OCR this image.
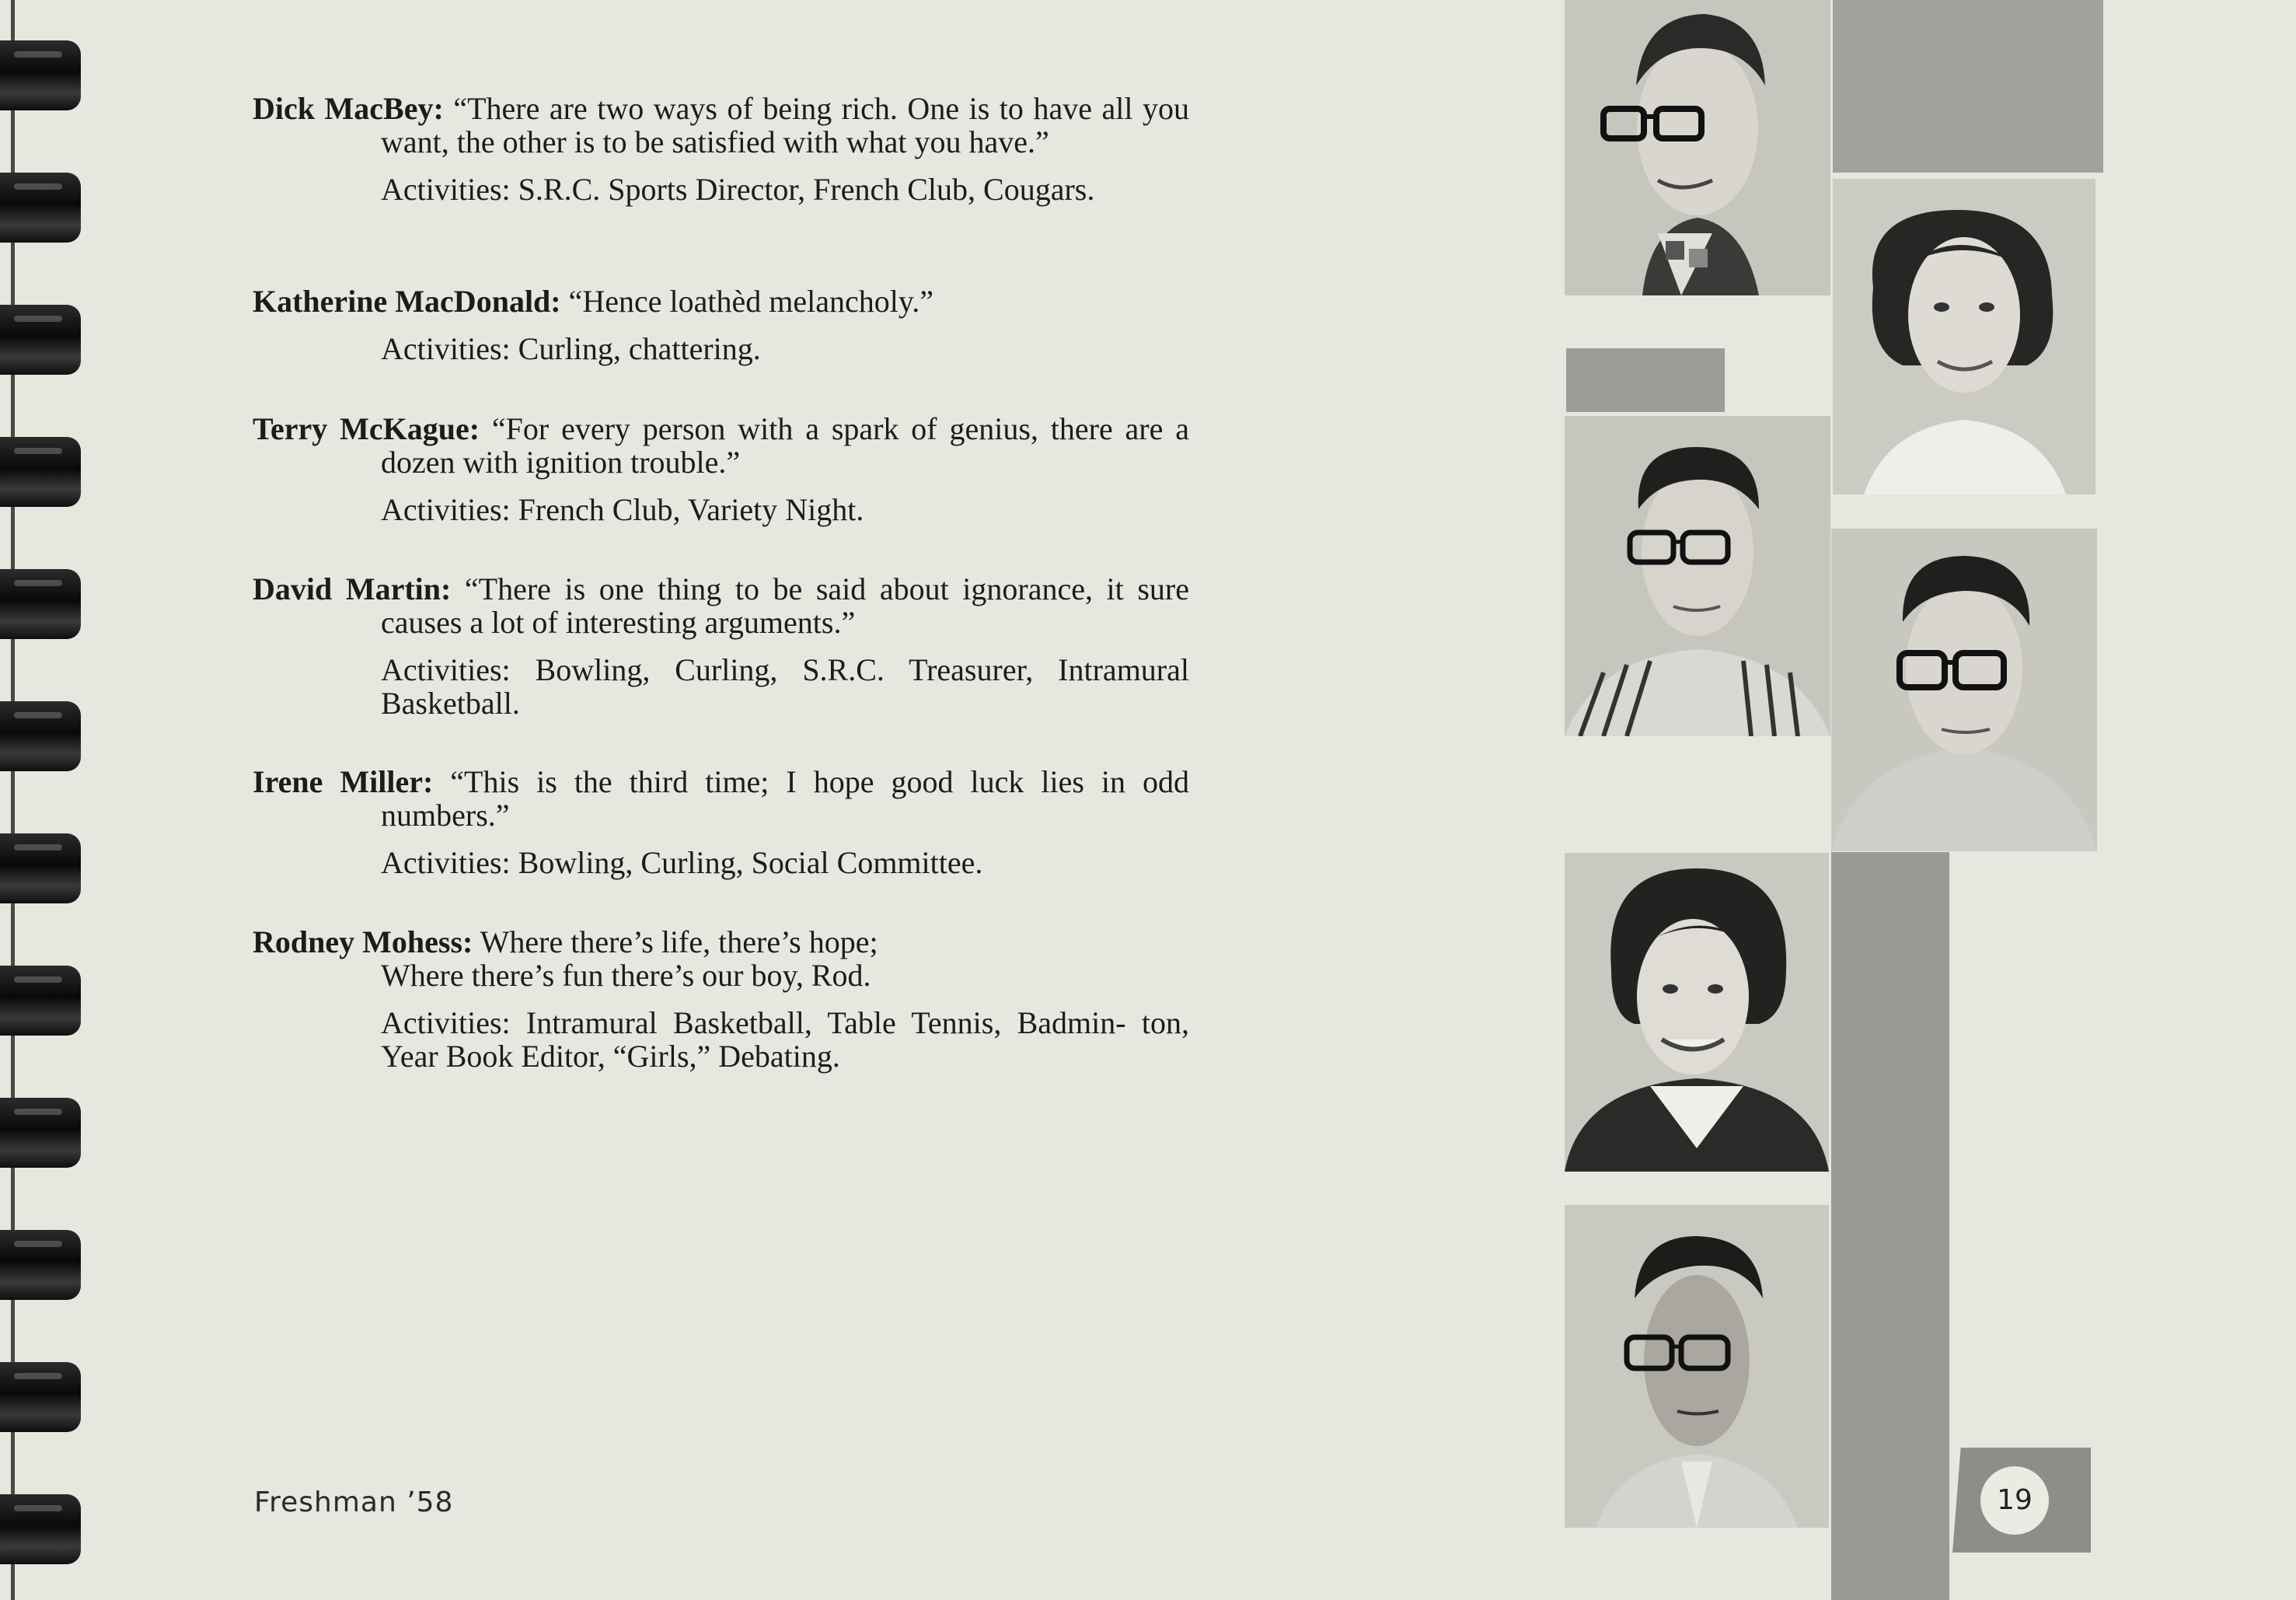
Dick MacBey: “There are two ways of being rich. One is to have all you want, the other is to be satisfied with what you have.”
Activities: S.R.C. Sports Director, French Club, Cougars.
Katherine MacDonald: “Hence loathèd melancholy.”
Activities: Curling, chattering.
Terry McKague: “For every person with a spark of genius, there are a dozen with ignition trouble.”
Activities: French Club, Variety Night.
David Martin: “There is one thing to be said about ignorance, it sure causes a lot of interesting arguments.”
Activities: Bowling, Curling, S.R.C. Treasurer, Intramural Basketball.
Irene Miller: “This is the third time; I hope good luck lies in odd numbers.”
Activities: Bowling, Curling, Social Committee.
Rodney Mohess: Where there’s life, there’s hope;
Where there’s fun there’s our boy, Rod.
Activities: Intramural Basketball, Table Tennis, Badmin‐ ton, Year Book Editor, “Girls,” Debating.
Freshman ’58	19
